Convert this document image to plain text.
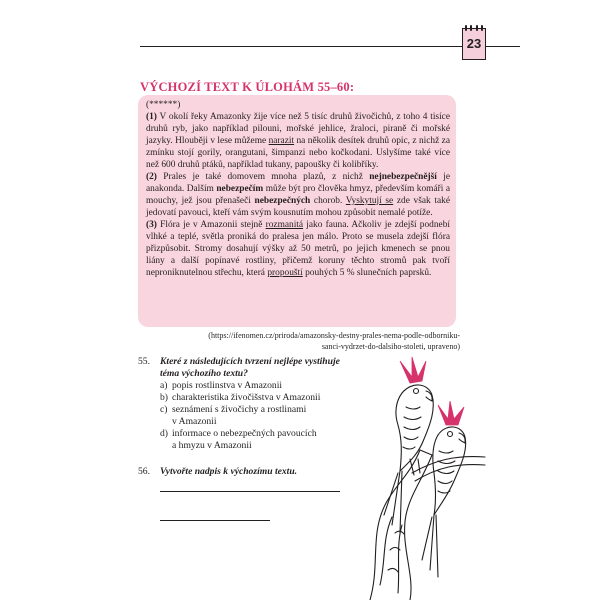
23
VÝCHOZÍ TEXT K ÚLOHÁM 55–60:

(******)

(1) V okolí řeky Amazonky žije více než 5 tisíc druhů živočichů, z toho 4 tisíce druhů ryb, jako například pilouni, mořské jehlice, žraloci, piraně či mořské jazyky. Hlouběji v lese můžeme narazit na několik desítek druhů opic, z nichž za zmínku stojí gorily, orangutani, šimpanzi nebo kočkodani. Uslyšíme také více než 600 druhů ptáků, například tukany, papoušky či kolibříky.

(2) Prales je také domovem mnoha plazů, z nichž nejnebezpečnější je anakonda. Dalším nebezpečím může být pro člověka hmyz, především komáři a mouchy, jež jsou přenašeči nebezpečných chorob. Vyskytují se zde však také jedovatí pavouci, kteří vám svým kousnutím mohou způsobit nemalé potíže.

(3) Flóra je v Amazonii stejně rozmanitá jako fauna. Ačkoliv je zdejší podnebí vlhké a teplé, světla proniká do pralesa jen málo. Proto se musela zdejší flóra přizpůsobit. Stromy dosahují výšky až 50 metrů, po jejich kmenech se pnou liány a další popínavé rostliny, přičemž koruny těchto stromů pak tvoří neproniknutelnou střechu, která propouští pouhých 5 % slunečních paprsků.

(https://ifenomen.cz/priroda/amazonsky-destny-prales-nema-podle-odborniku-
sanci-vydrzet-do-dalsiho-stoleti, upraveno)
55. Které z následujících tvrzení nejlépe vystihuje téma výchozího textu?
a) popis rostlinstva v Amazonii
b) charakteristika živočišstva v Amazonii
c) seznámení s živočichy a rostlinami v Amazonii
d) informace o nebezpečných pavoucích a hmyzu v Amazonii
56. Vytvořte nadpis k výchozímu textu.
